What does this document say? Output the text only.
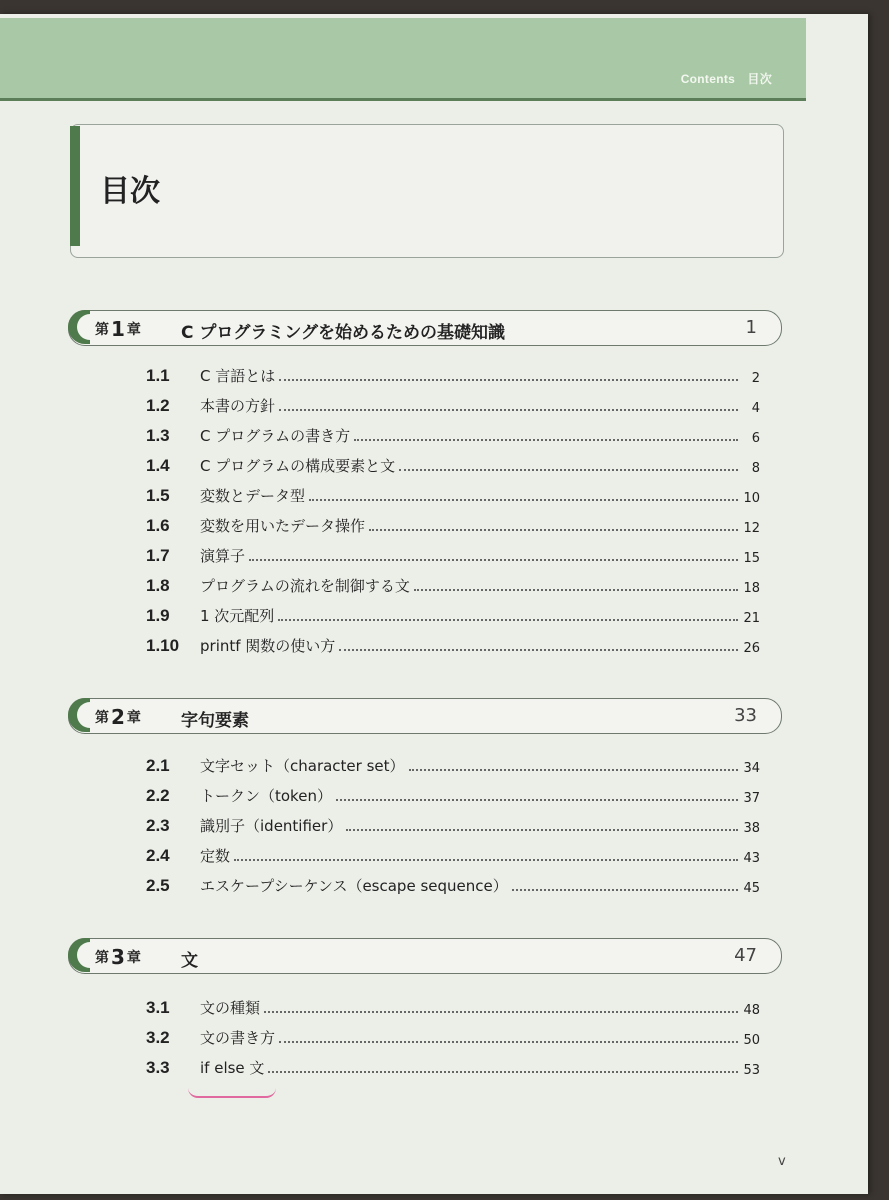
Contents　目次
目次
第 1 章 C プログラミングを始めるための基礎知識	1
1.1	C 言語とは	2
1.2	本書の方針	4
1.3	C プログラムの書き方	6
1.4	C プログラムの構成要素と文	8
1.5	変数とデータ型	10
1.6	変数を用いたデータ操作	12
1.7	演算子	15
1.8	プログラムの流れを制御する文	18
1.9	1 次元配列	21
1.10	printf 関数の使い方	26
第 2 章 字句要素	33
2.1	文字セット（character set）	34
2.2	トークン（token）	37
2.3	識別子（identifier）	38
2.4	定数	43
2.5	エスケープシーケンス（escape sequence）	45
第 3 章 文	47
3.1	文の種類	48
3.2	文の書き方	50
3.3	if else 文	53
v
